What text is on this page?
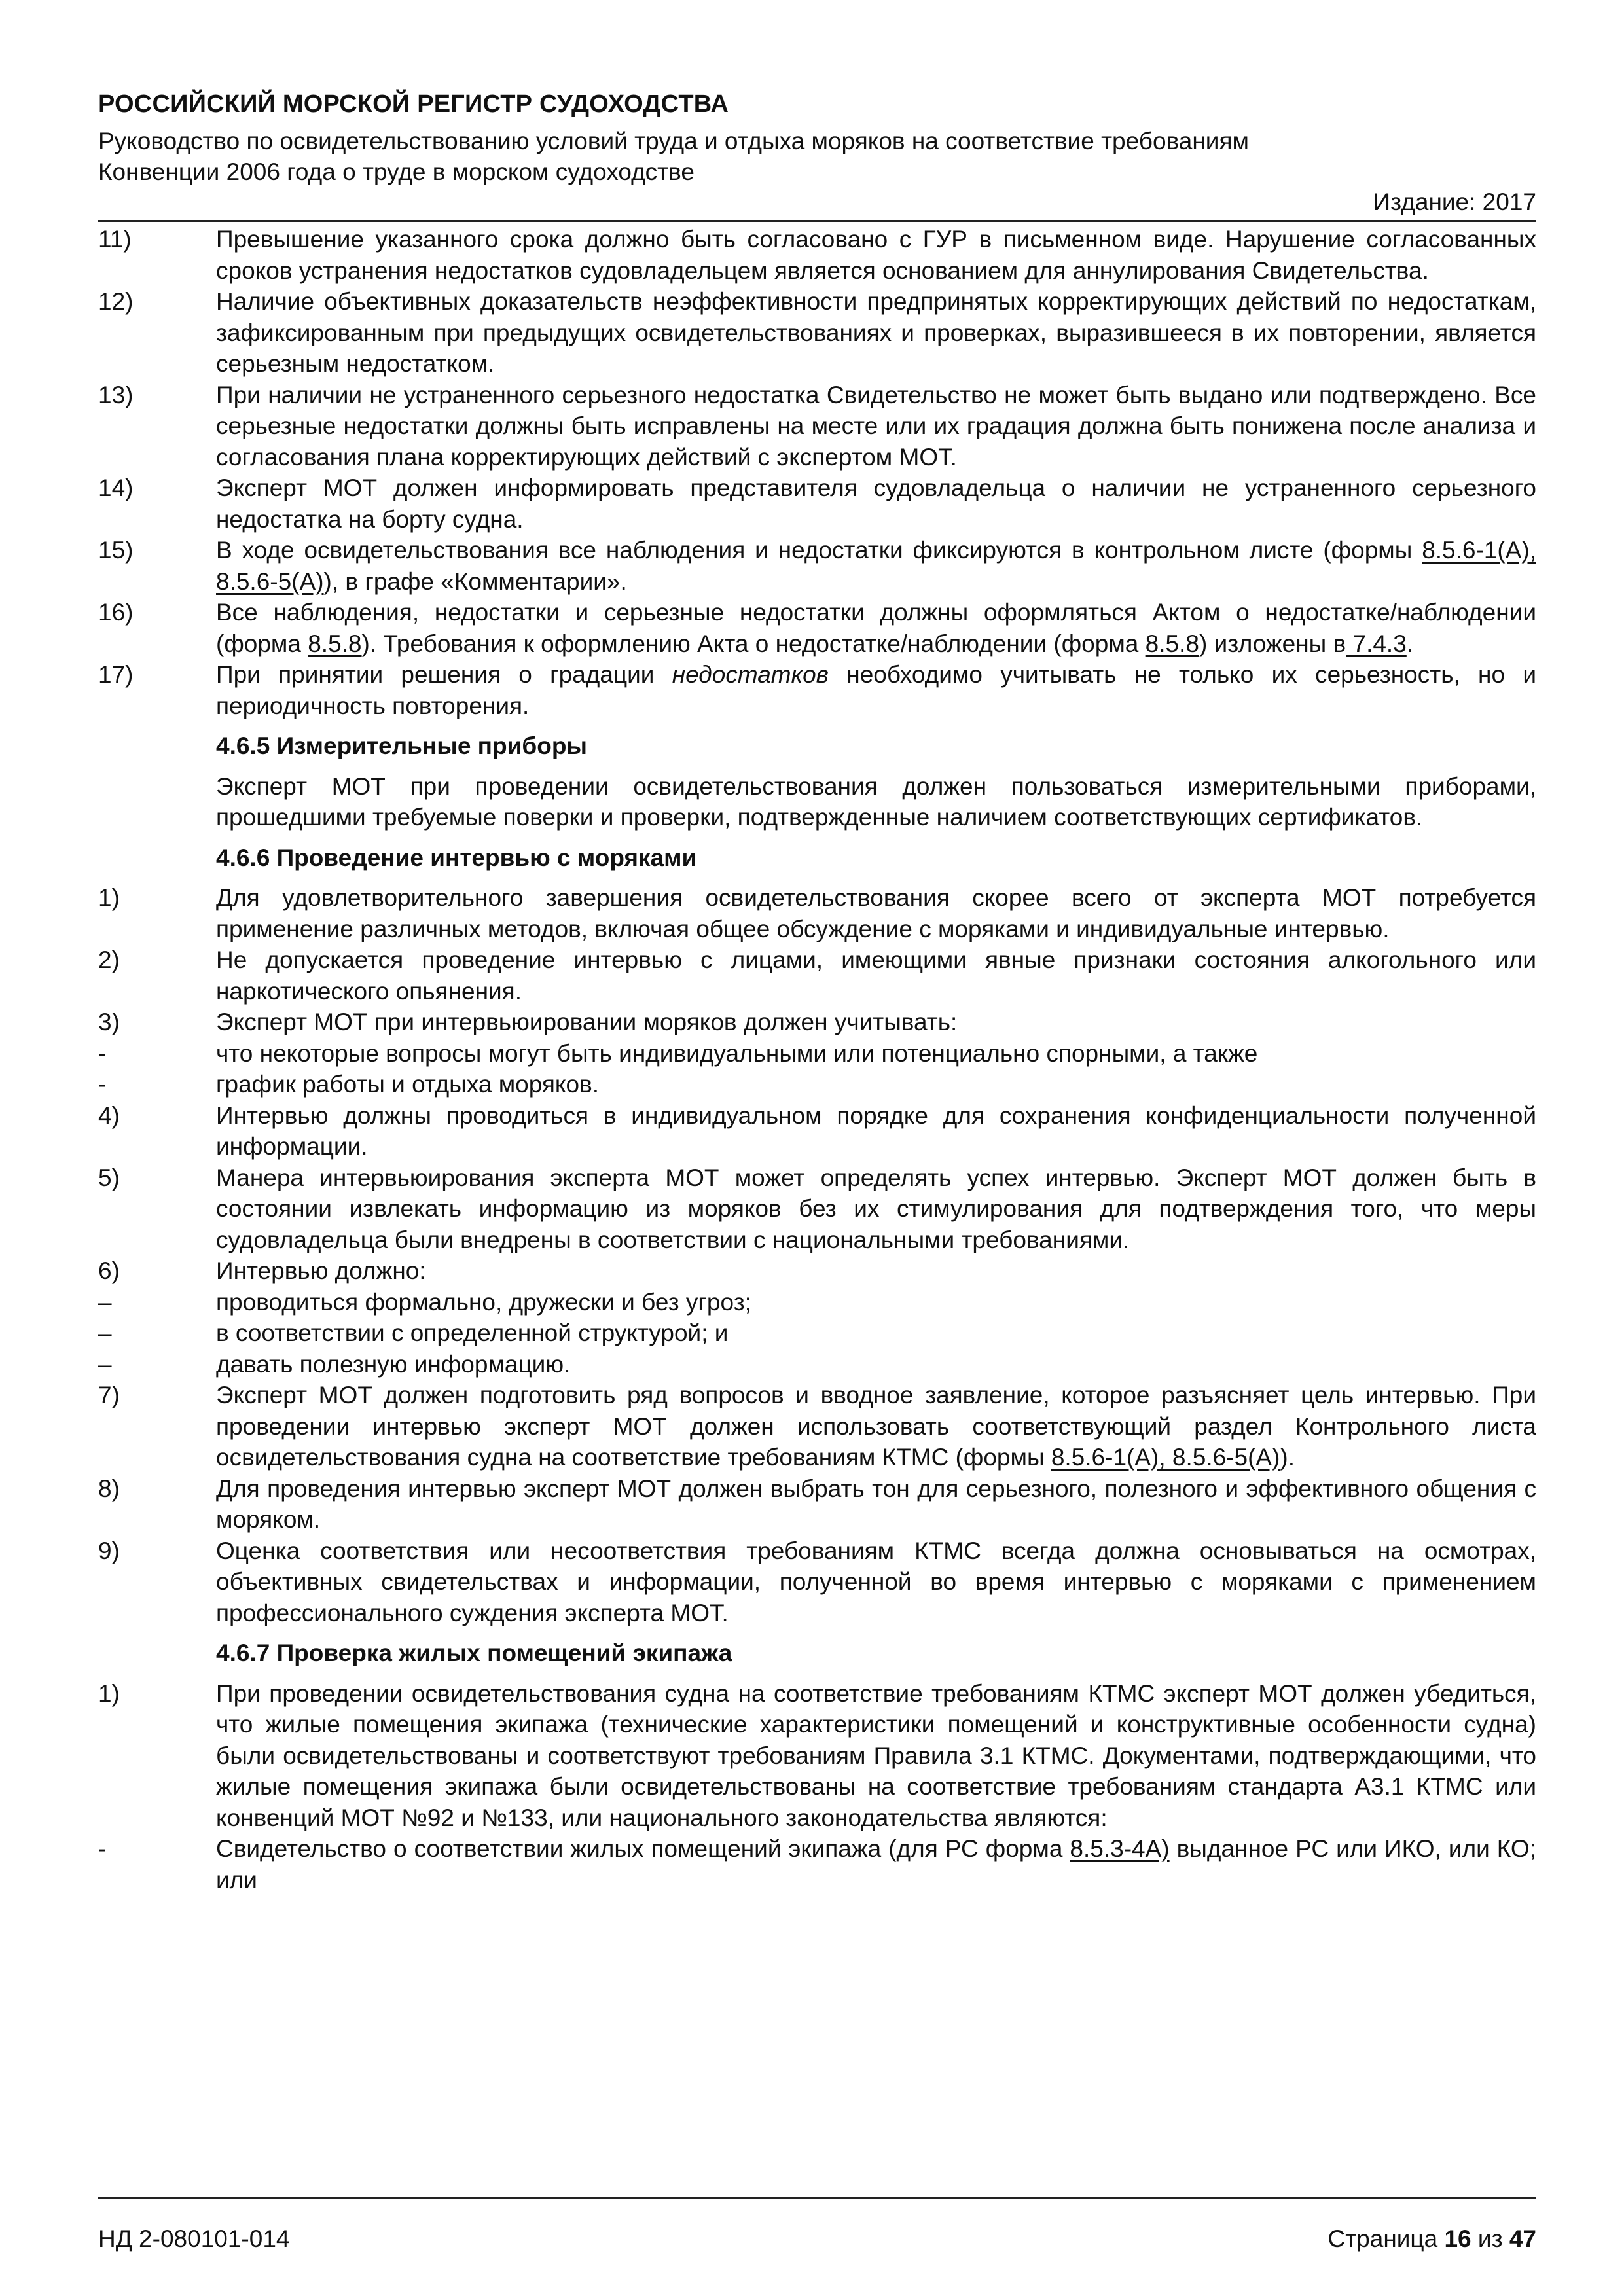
РОССИЙСКИЙ МОРСКОЙ РЕГИСТР СУДОХОДСТВА
Руководство по освидетельствованию условий труда и отдыха моряков на соответствие требованиям
Конвенции 2006 года о труде в морском судоходстве
Издание: 2017
11)	Превышение указанного срока должно быть согласовано с ГУР в письменном виде. Нарушение согласованных сроков устранения недостатков судовладельцем является основанием для аннулирования Свидетельства.
12)	Наличие объективных доказательств неэффективности предпринятых корректирующих действий по недостаткам, зафиксированным при предыдущих освидетельствованиях и проверках, выразившееся в их повторении, является серьезным недостатком.
13)	При наличии не устраненного серьезного недостатка Свидетельство не может быть выдано или подтверждено. Все серьезные недостатки должны быть исправлены на месте или их градация должна быть понижена после анализа и согласования плана корректирующих действий с экспертом МОТ.
14)	Эксперт МОТ должен информировать представителя судовладельца о наличии не устраненного серьезного недостатка на борту судна.
15)	В ходе освидетельствования все наблюдения и недостатки фиксируются в контрольном листе (формы 8.5.6-1(А), 8.5.6-5(А)), в графе «Комментарии».
16)	Все наблюдения, недостатки и серьезные недостатки должны оформляться Актом о недостатке/наблюдении (форма 8.5.8). Требования к оформлению Акта о недостатке/наблюдении (форма 8.5.8) изложены в 7.4.3.
17)	При принятии решения о градации недостатков необходимо учитывать не только их серьезность, но и периодичность повторения.
4.6.5 Измерительные приборы
Эксперт МОТ при проведении освидетельствования должен пользоваться измерительными приборами, прошедшими требуемые поверки и проверки, подтвержденные наличием соответствующих сертификатов.
4.6.6 Проведение интервью с моряками
1)	Для удовлетворительного завершения освидетельствования скорее всего от эксперта МОТ потребуется применение различных методов, включая общее обсуждение с моряками и индивидуальные интервью.
2)	Не допускается проведение интервью с лицами, имеющими явные признаки состояния алкогольного или наркотического опьянения.
3)	Эксперт МОТ при интервьюировании моряков должен учитывать:
-	что некоторые вопросы могут быть индивидуальными или потенциально спорными, а также
-	график работы и отдыха моряков.
4)	Интервью должны проводиться в индивидуальном порядке для сохранения конфиденциальности полученной информации.
5)	Манера интервьюирования эксперта МОТ может определять успех интервью. Эксперт МОТ должен быть в состоянии извлекать информацию из моряков без их стимулирования для подтверждения того, что меры судовладельца были внедрены в соответствии с национальными требованиями.
6)	Интервью должно:
–	проводиться формально, дружески и без угроз;
–	в соответствии с определенной структурой; и
–	давать полезную информацию.
7)	Эксперт МОТ должен подготовить ряд вопросов и вводное заявление, которое разъясняет цель интервью. При проведении интервью эксперт МОТ должен использовать соответствующий раздел Контрольного листа освидетельствования судна на соответствие требованиям КТМС (формы 8.5.6-1(А), 8.5.6-5(А)).
8)	Для проведения интервью эксперт МОТ должен выбрать тон для серьезного, полезного и эффективного общения с моряком.
9)	Оценка соответствия или несоответствия требованиям КТМС всегда должна основываться на осмотрах, объективных свидетельствах и информации, полученной во время интервью с моряками с применением профессионального суждения эксперта МОТ.
4.6.7 Проверка жилых помещений экипажа
1)	При проведении освидетельствования судна на соответствие требованиям КТМС эксперт МОТ должен убедиться, что жилые помещения экипажа (технические характеристики помещений и конструктивные особенности судна) были освидетельствованы и соответствуют требованиям Правила 3.1 КТМС. Документами, подтверждающими, что жилые помещения экипажа были освидетельствованы на соответствие требованиям стандарта А3.1 КТМС или конвенций МОТ №92 и №133, или национального законодательства являются:
-	Свидетельство о соответствии жилых помещений экипажа (для РС форма 8.5.3-4А) выданное РС или ИКО, или КО; или
НД 2-080101-014	Страница 16 из 47
